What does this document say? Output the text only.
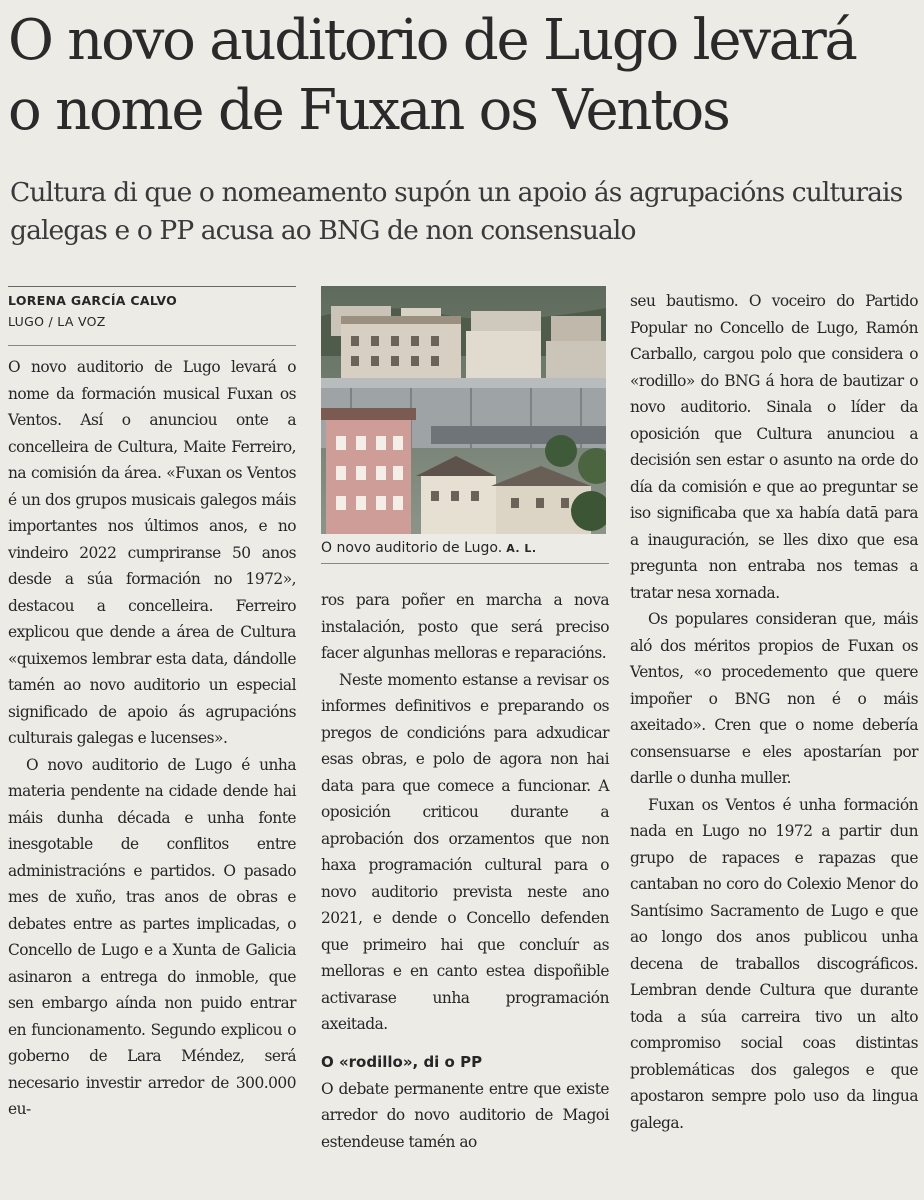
O novo auditorio de Lugo levará
o nome de Fuxan os Ventos

Cultura di que o nomeamento supón un apoio ás agrupacións culturais galegas e o PP acusa ao BNG de non consensualo

LORENA GARCÍA CALVO
LUGO / LA VOZ

O novo auditorio de Lugo levará o nome da formación musical Fuxan os Ventos. Así o anunciou onte a concelleira de Cultura, Maite Ferreiro, na comisión da área. «Fuxan os Ventos é un dos grupos musicais galegos máis importantes nos últimos anos, e no vindeiro 2022 cumpriranse 50 anos desde a súa formación no 1972», destacou a concelleira. Ferreiro explicou que dende a área de Cultura «quixemos lembrar esta data, dándolle tamén ao novo auditorio un especial significado de apoio ás agrupacións culturais galegas e lucenses».

O novo auditorio de Lugo é unha materia pendente na cidade dende hai máis dunha década e unha fonte inesgotable de conflitos entre administracións e partidos. O pasado mes de xuño, tras anos de obras e debates entre as partes implicadas, o Concello de Lugo e a Xunta de Galicia asinaron a entrega do inmoble, que sen embargo aínda non puido entrar en funcionamento. Segundo explicou o goberno de Lara Méndez, será necesario investir arredor de 300.000 eu-

O novo auditorio de Lugo. A. L.

ros para poñer en marcha a nova instalación, posto que será preciso facer algunhas melloras e reparacións.

Neste momento estanse a revisar os informes definitivos e preparando os pregos de condicións para adxudicar esas obras, e polo de agora non hai data para que comece a funcionar. A oposición criticou durante a aprobación dos orzamentos que non haxa programación cultural para o novo auditorio prevista neste ano 2021, e dende o Concello defenden que primeiro hai que concluír as melloras e en canto estea dispoñible activarase unha programación axeitada.

O «rodillo», di o PP

O debate permanente entre que existe arredor do novo auditorio de Magoi estendeuse tamén ao

seu bautismo. O voceiro do Partido Popular no Concello de Lugo, Ramón Carballo, cargou polo que considera o «rodillo» do BNG á hora de bautizar o novo auditorio. Sinala o líder da oposición que Cultura anunciou a decisión sen estar o asunto na orde do día da comisión e que ao preguntar se iso significaba que xa había datā para a inauguración, se lles dixo que esa pregunta non entraba nos temas a tratar nesa xornada.

Os populares consideran que, máis aló dos méritos propios de Fuxan os Ventos, «o procedemento que quere impoñer o BNG non é o máis axeitado». Cren que o nome debería consensuarse e eles apostarían por darlle o dunha muller.

Fuxan os Ventos é unha formación nada en Lugo no 1972 a partir dun grupo de rapaces e rapazas que cantaban no coro do Colexio Menor do Santísimo Sacramento de Lugo e que ao longo dos anos publicou unha decena de traballos discográficos. Lembran dende Cultura que durante toda a súa carreira tivo un alto compromiso social coas distintas problemáticas dos galegos e que apostaron sempre polo uso da lingua galega.
